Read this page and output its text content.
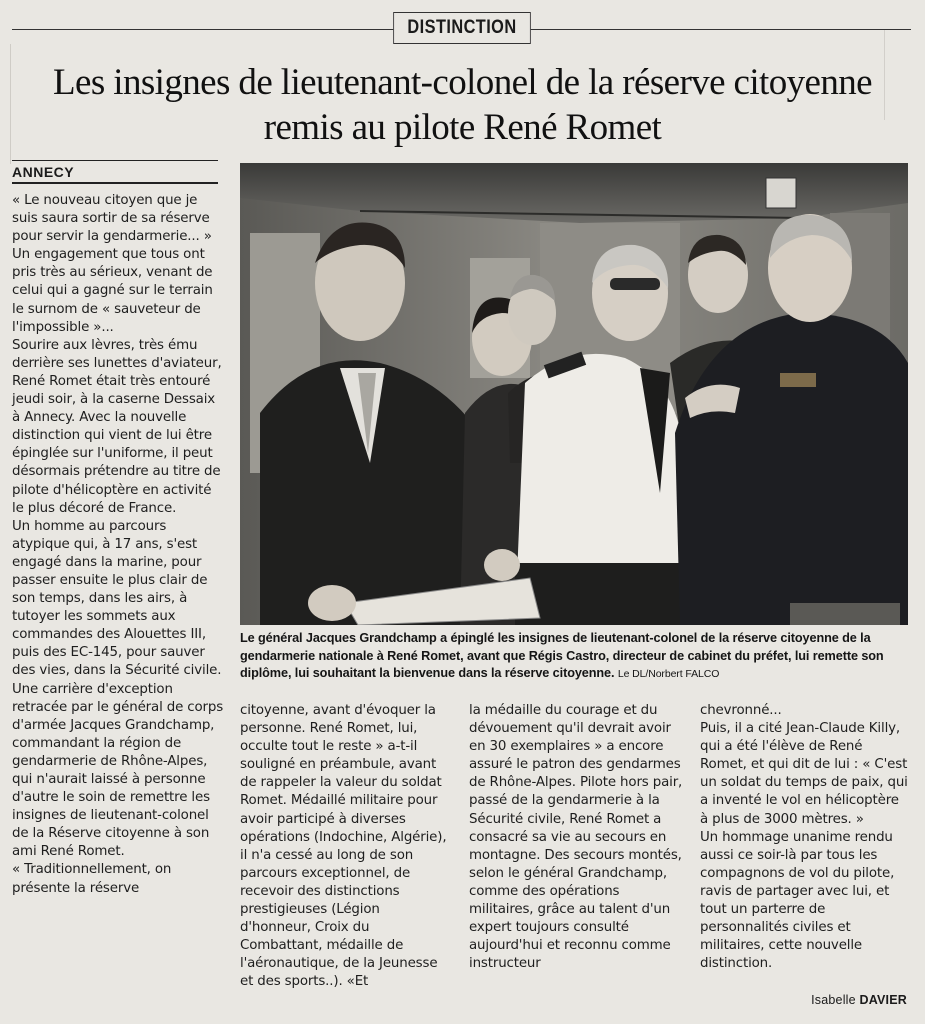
DISTINCTION
Les insignes de lieutenant-colonel de la réserve citoyenne
remis au pilote René Romet
ANNECY

« Le nouveau citoyen que je suis saura sortir de sa réserve pour servir la gendarmerie... » Un engagement que tous ont pris très au sérieux, venant de celui qui a gagné sur le terrain le surnom de « sauveteur de l'impossible »...

Sourire aux lèvres, très ému derrière ses lunettes d'aviateur, René Romet était très entouré jeudi soir, à la caserne Dessaix à Annecy. Avec la nouvelle distinction qui vient de lui être épinglée sur l'uniforme, il peut désormais prétendre au titre de pilote d'hélicoptère en activité le plus décoré de France.

Un homme au parcours atypique qui, à 17 ans, s'est engagé dans la marine, pour passer ensuite le plus clair de son temps, dans les airs, à tutoyer les sommets aux commandes des Alouettes III, puis des EC-145, pour sauver des vies, dans la Sécurité civile. Une carrière d'exception retracée par le général de corps d'armée Jacques Grandchamp, commandant la région de gendarmerie de Rhône-Alpes, qui n'aurait laissé à personne d'autre le soin de remettre les insignes de lieutenant-colonel de la Réserve citoyenne à son ami René Romet.

« Traditionnellement, on présente la réserve

Le général Jacques Grandchamp a épinglé les insignes de lieutenant-colonel de la réserve citoyenne de la gendarmerie nationale à René Romet, avant que Régis Castro, directeur de cabinet du préfet, lui remette son diplôme, lui souhaitant la bienvenue dans la réserve citoyenne. Le DL/Norbert FALCO

citoyenne, avant d'évoquer la personne. René Romet, lui, occulte tout le reste » a-t-il souligné en préambule, avant de rappeler la valeur du soldat Romet. Médaillé militaire pour avoir participé à diverses opérations (Indochine, Algérie), il n'a cessé au long de son parcours exceptionnel, de recevoir des distinctions prestigieuses (Légion d'honneur, Croix du Combattant, médaille de l'aéronautique, de la Jeunesse et des sports..). «Et

la médaille du courage et du dévouement qu'il devrait avoir en 30 exemplaires » a encore assuré le patron des gendarmes de Rhône-Alpes. Pilote hors pair, passé de la gendarmerie à la Sécurité civile, René Romet a consacré sa vie au secours en montagne. Des secours montés, selon le général Grandchamp, comme des opérations militaires, grâce au talent d'un expert toujours consulté aujourd'hui et reconnu comme instructeur

chevronné...

Puis, il a cité Jean-Claude Killy, qui a été l'élève de René Romet, et qui dit de lui : « C'est un soldat du temps de paix, qui a inventé le vol en hélicoptère à plus de 3000 mètres. »

Un hommage unanime rendu aussi ce soir-là par tous les compagnons de vol du pilote, ravis de partager avec lui, et tout un parterre de personnalités civiles et militaires, cette nouvelle distinction.

Isabelle DAVIER
